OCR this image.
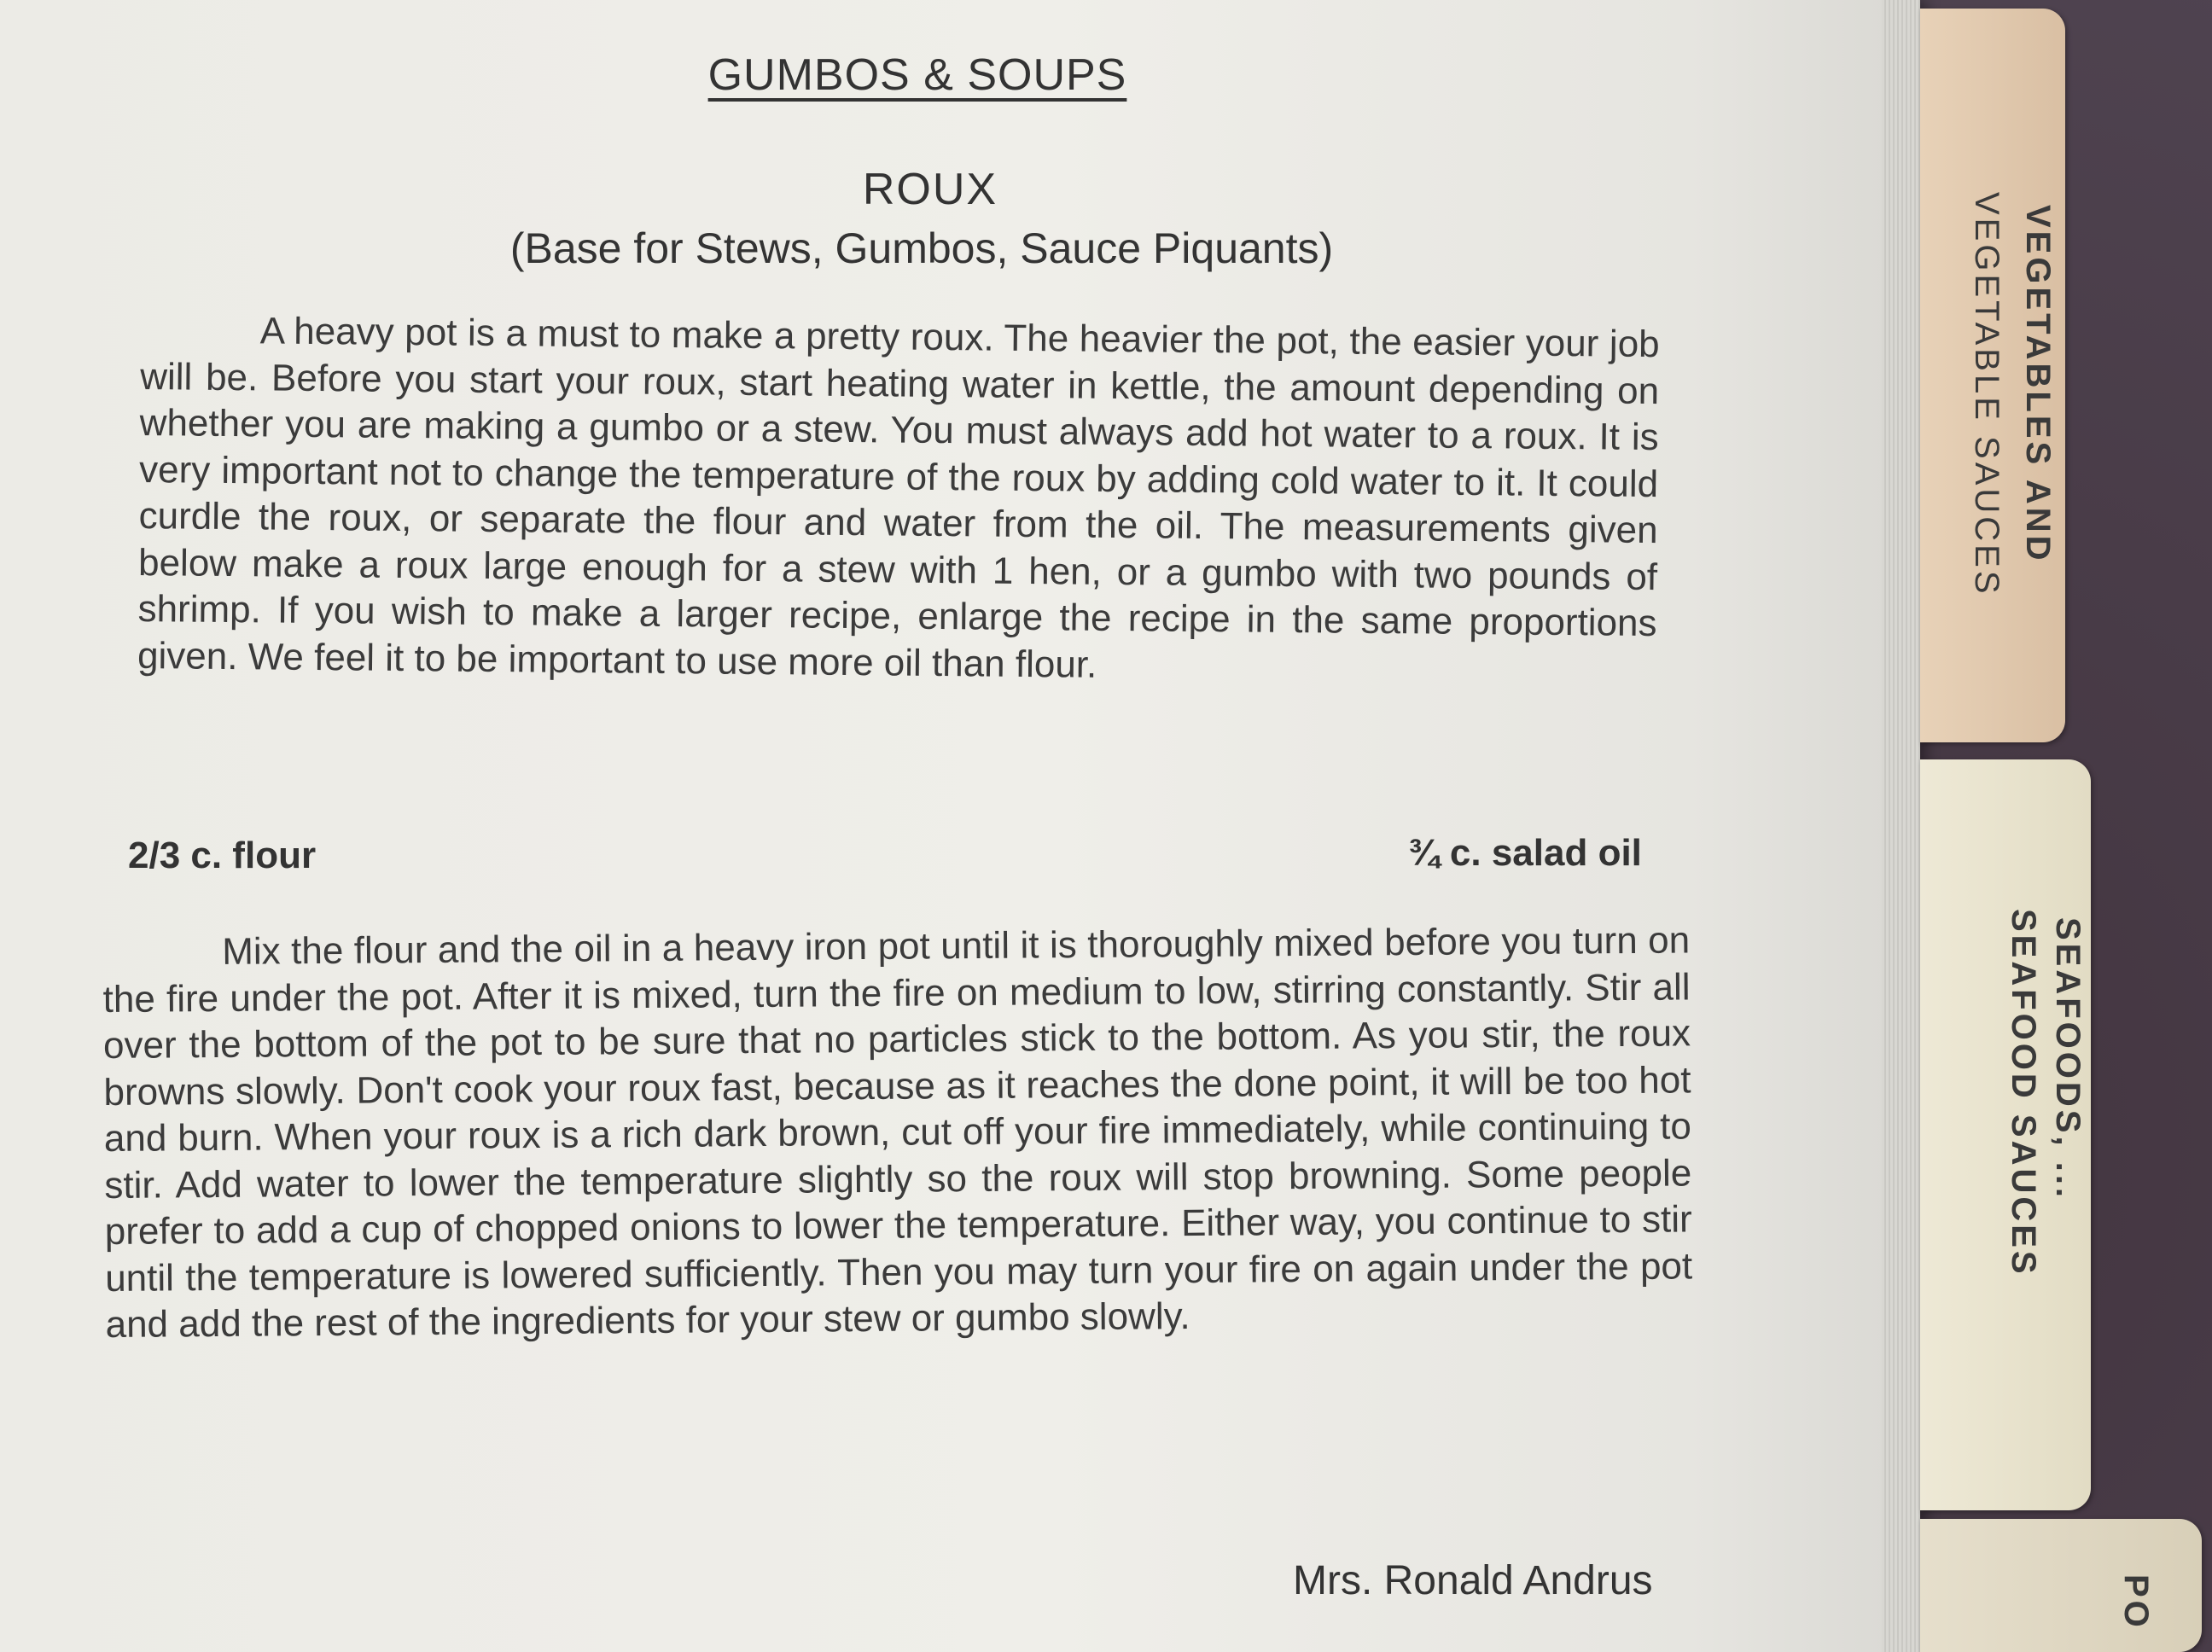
VEGETABLES AND
VEGETABLE SAUCES
SEAFOODS, ...
SEAFOOD SAUCES
PO
GUMBOS & SOUPS
ROUX
(Base for Stews, Gumbos, Sauce Piquants)

A heavy pot is a must to make a pretty roux. The heavier the pot, the easier your job will be. Before you start your roux, start heating water in kettle, the amount depending on whether you are making a gumbo or a stew. You must always add hot water to a roux. It is very important not to change the temperature of the roux by adding cold water to it. It could curdle the roux, or separate the flour and water from the oil. The measurements given below make a roux large enough for a stew with 1 hen, or a gumbo with two pounds of shrimp. If you wish to make a larger recipe, enlarge the recipe in the same proportions given. We feel it to be important to use more oil than flour.

2/3 c. flour	¾ c. salad oil

Mix the flour and the oil in a heavy iron pot until it is thoroughly mixed before you turn on the fire under the pot. After it is mixed, turn the fire on medium to low, stirring constantly. Stir all over the bottom of the pot to be sure that no particles stick to the bottom. As you stir, the roux browns slowly. Don't cook your roux fast, because as it reaches the done point, it will be too hot and burn. When your roux is a rich dark brown, cut off your fire immediately, while continuing to stir. Add water to lower the temperature slightly so the roux will stop browning. Some people prefer to add a cup of chopped onions to lower the temperature. Either way, you continue to stir until the temperature is lowered sufficiently. Then you may turn your fire on again under the pot and add the rest of the ingredients for your stew or gumbo slowly.

Mrs. Ronald Andrus
